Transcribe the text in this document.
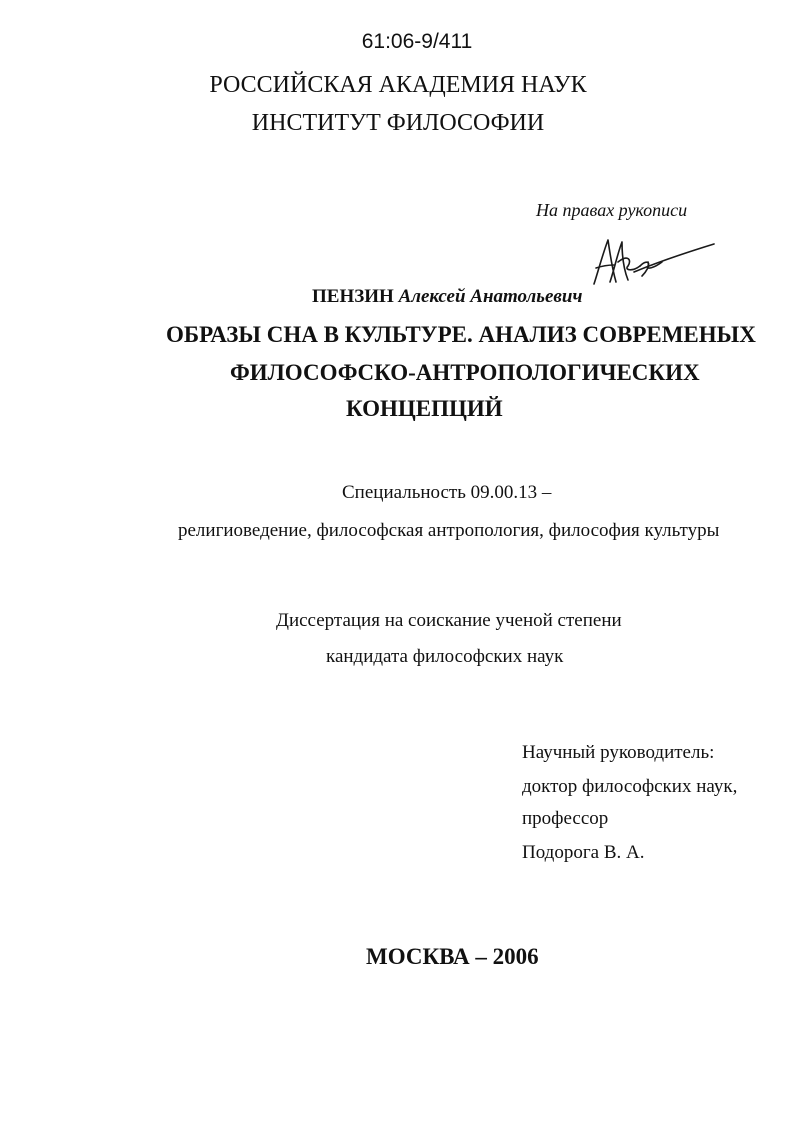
61:06-9/411
РОССИЙСКАЯ АКАДЕМИЯ НАУК
ИНСТИТУТ ФИЛОСОФИИ
На правах рукописи
ПЕНЗИН Алексей Анатольевич
ОБРАЗЫ СНА В КУЛЬТУРЕ. АНАЛИЗ СОВРЕМЕНЫХ
ФИЛОСОФСКО-АНТРОПОЛОГИЧЕСКИХ
КОНЦЕПЦИЙ
Специальность 09.00.13 –
религиоведение, философская антропология, философия культуры
Диссертация на соискание ученой степени
кандидата философских наук
Научный руководитель:
доктор философских наук,
профессор
Подорога В. А.
МОСКВА – 2006
